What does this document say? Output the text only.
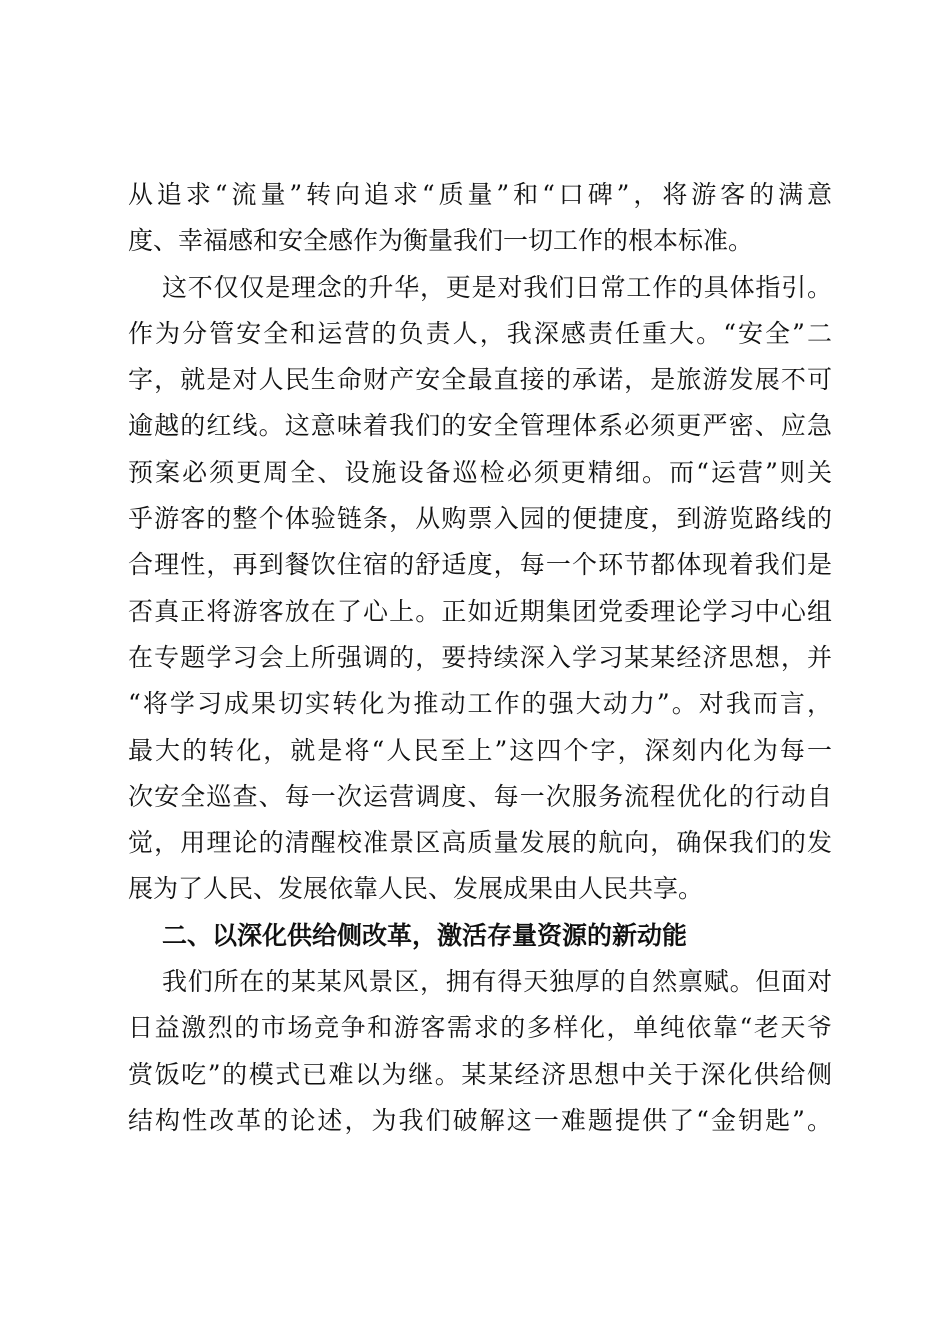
从追求“流量”转向追求“质量”和“口碑”，将游客的满意
度、幸福感和安全感作为衡量我们一切工作的根本标准。
这不仅仅是理念的升华，更是对我们日常工作的具体指引。
作为分管安全和运营的负责人，我深感责任重大。“安全”二
字，就是对人民生命财产安全最直接的承诺，是旅游发展不可
逾越的红线。这意味着我们的安全管理体系必须更严密、应急
预案必须更周全、设施设备巡检必须更精细。而“运营”则关
乎游客的整个体验链条，从购票入园的便捷度，到游览路线的
合理性，再到餐饮住宿的舒适度，每一个环节都体现着我们是
否真正将游客放在了心上。正如近期集团党委理论学习中心组
在专题学习会上所强调的，要持续深入学习某某经济思想，并
“将学习成果切实转化为推动工作的强大动力”。对我而言，
最大的转化，就是将“人民至上”这四个字，深刻内化为每一
次安全巡查、每一次运营调度、每一次服务流程优化的行动自
觉，用理论的清醒校准景区高质量发展的航向，确保我们的发
展为了人民、发展依靠人民、发展成果由人民共享。
二、以深化供给侧改革，激活存量资源的新动能
我们所在的某某风景区，拥有得天独厚的自然禀赋。但面对
日益激烈的市场竞争和游客需求的多样化，单纯依靠“老天爷
赏饭吃”的模式已难以为继。某某经济思想中关于深化供给侧
结构性改革的论述，为我们破解这一难题提供了“金钥匙”。
